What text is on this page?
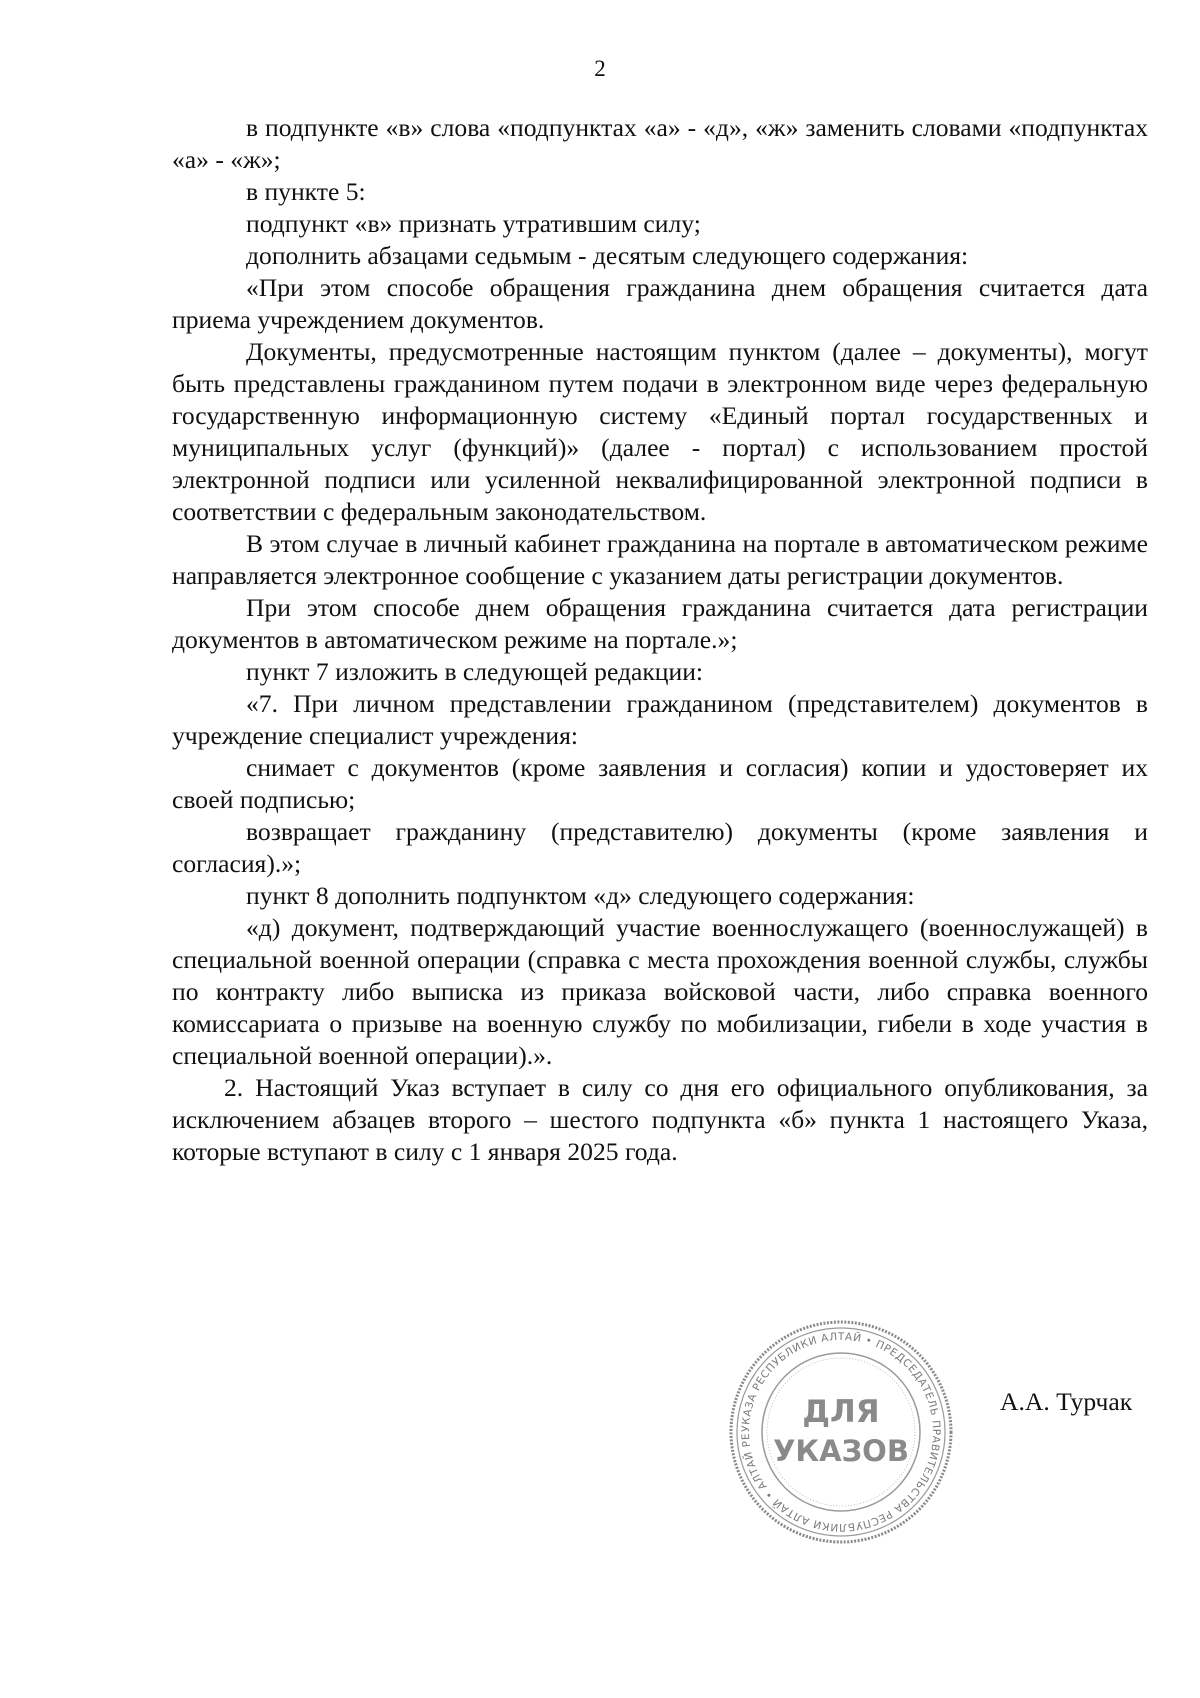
2

в подпункте «в» слова «подпунктах «а» - «д», «ж» заменить словами «подпунктах «а» - «ж»;

в пункте 5:

подпункт «в» признать утратившим силу;

дополнить абзацами седьмым - десятым следующего содержания:

«При этом способе обращения гражданина днем обращения считается дата приема учреждением документов.

Документы, предусмотренные настоящим пунктом (далее – документы), могут быть представлены гражданином путем подачи в электронном виде через федеральную государственную информационную систему «Единый портал государственных и муниципальных услуг (функций)» (далее - портал) с использованием простой электронной подписи или усиленной неквалифицированной электронной подписи в соответствии с федеральным законодательством.

В этом случае в личный кабинет гражданина на портале в автоматическом режиме направляется электронное сообщение с указанием даты регистрации документов.

При этом способе днем обращения гражданина считается дата регистрации документов в автоматическом режиме на портале.»;

пункт 7 изложить в следующей редакции:

«7. При личном представлении гражданином (представителем) документов в учреждение специалист учреждения:

снимает с документов (кроме заявления и согласия) копии и удостоверяет их своей подписью;

возвращает гражданину (представителю) документы (кроме заявления и согласия).»;

пункт 8 дополнить подпунктом «д» следующего содержания:

«д) документ, подтверждающий участие военнослужащего (военнослужащей) в специальной военной операции (справка с места прохождения военной службы, службы по контракту либо выписка из приказа войсковой части, либо справка военного комиссариата о призыве на военную службу по мобилизации, гибели в ходе участия в специальной военной операции).».

2. Настоящий Указ вступает в силу со дня его официального опубликования, за исключением абзацев второго – шестого подпункта «б» пункта 1 настоящего Указа, которые вступают в силу с 1 января 2025 года.

УКАЗА РЕСПУБЛИКИ АЛТАЙ • ПРЕДСЕДАТЕЛЬ ПРАВИТЕЛЬСТВА РЕСПУБЛИКИ АЛТАЙ • АЛТАЙ РЕ
ДЛЯ
УКАЗОВ
А.А. Турчак
